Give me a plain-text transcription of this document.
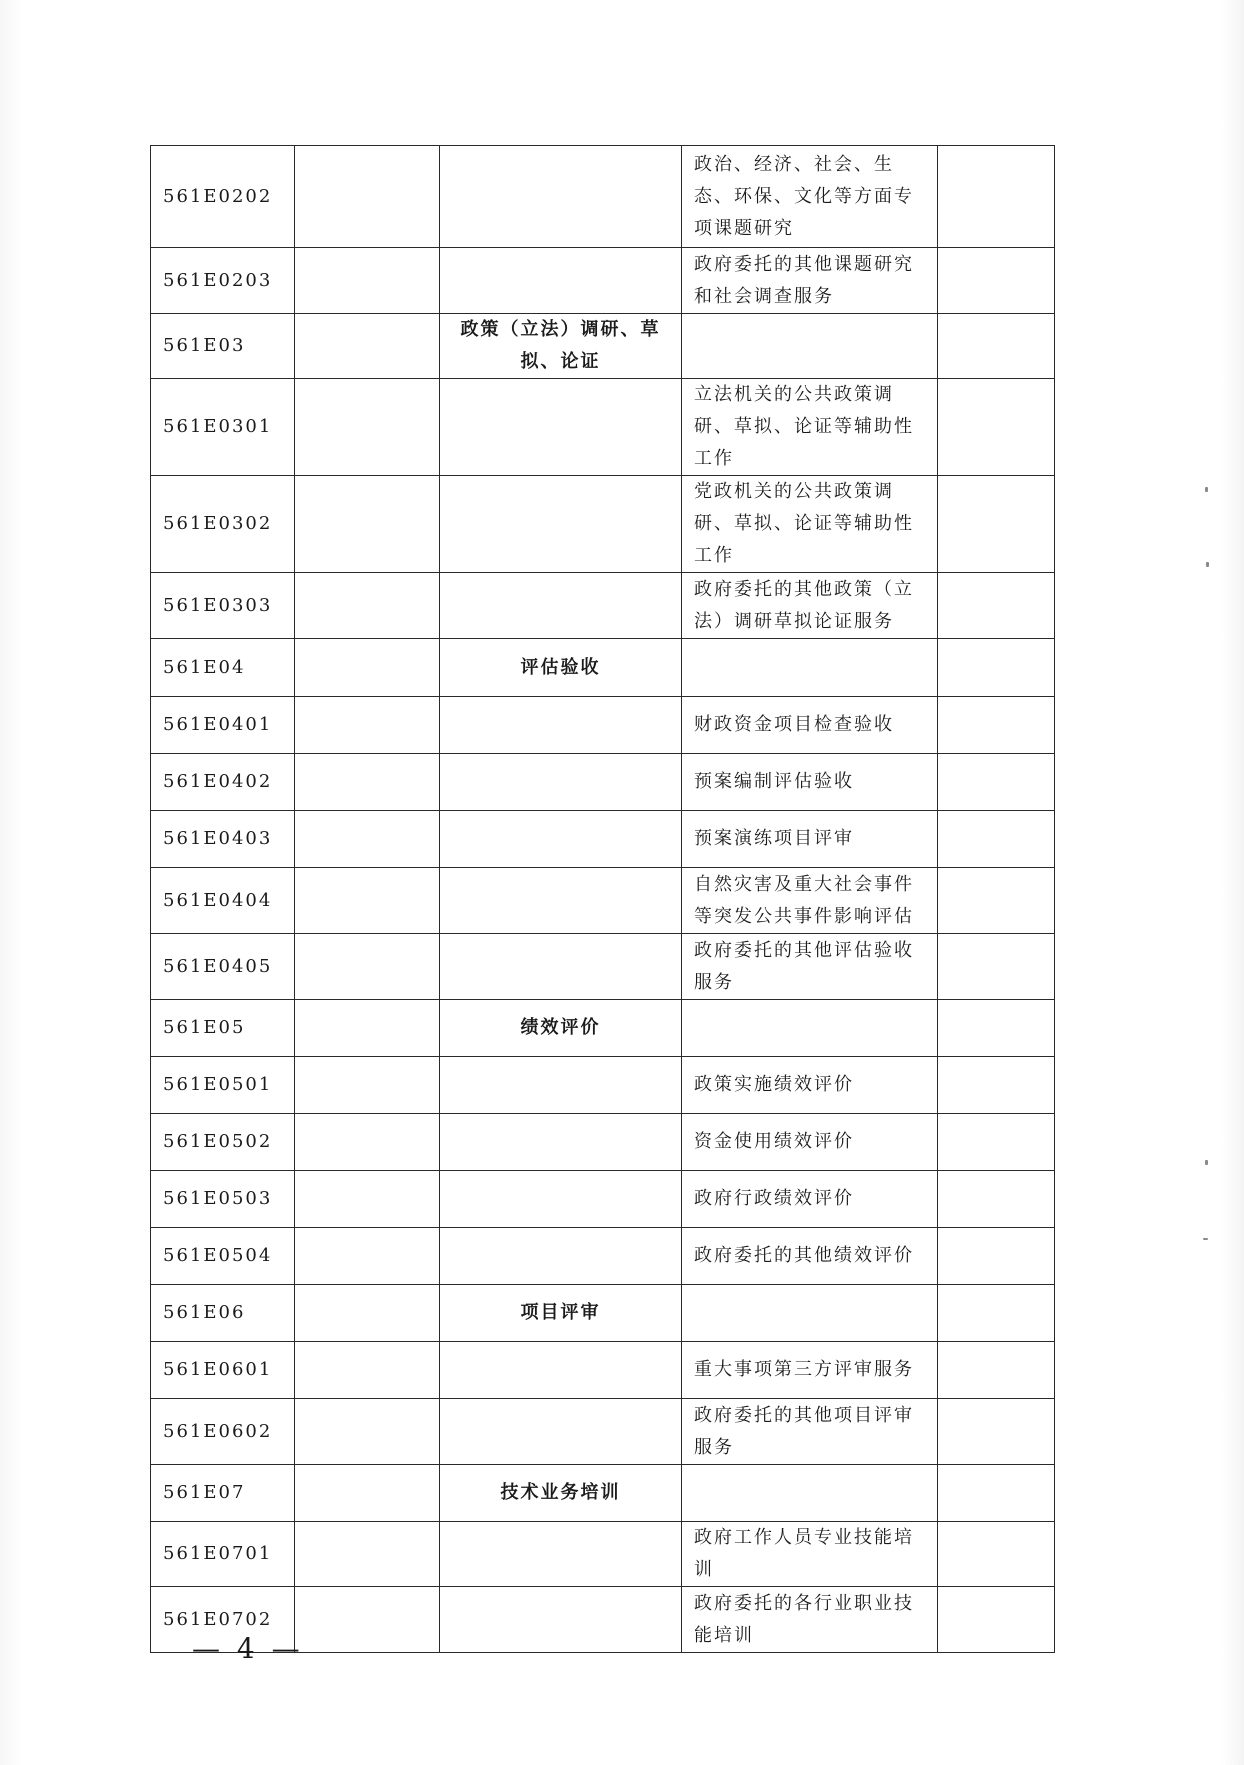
561E0202			政治、经济、社会、生态、环保、文化等方面专项课题研究	
561E0203			政府委托的其他课题研究和社会调查服务	
561E03		政策（立法）调研、草拟、论证		
561E0301			立法机关的公共政策调研、草拟、论证等辅助性工作	
561E0302			党政机关的公共政策调研、草拟、论证等辅助性工作	
561E0303			政府委托的其他政策（立法）调研草拟论证服务	
561E04		评估验收		
561E0401			财政资金项目检查验收	
561E0402			预案编制评估验收	
561E0403			预案演练项目评审	
561E0404			自然灾害及重大社会事件等突发公共事件影响评估	
561E0405			政府委托的其他评估验收服务	
561E05		绩效评价		
561E0501			政策实施绩效评价	
561E0502			资金使用绩效评价	
561E0503			政府行政绩效评价	
561E0504			政府委托的其他绩效评价	
561E06		项目评审		
561E0601			重大事项第三方评审服务	
561E0602			政府委托的其他项目评审服务	
561E07		技术业务培训		
561E0701			政府工作人员专业技能培训	
561E0702			政府委托的各行业职业技能培训	
— 4 —
